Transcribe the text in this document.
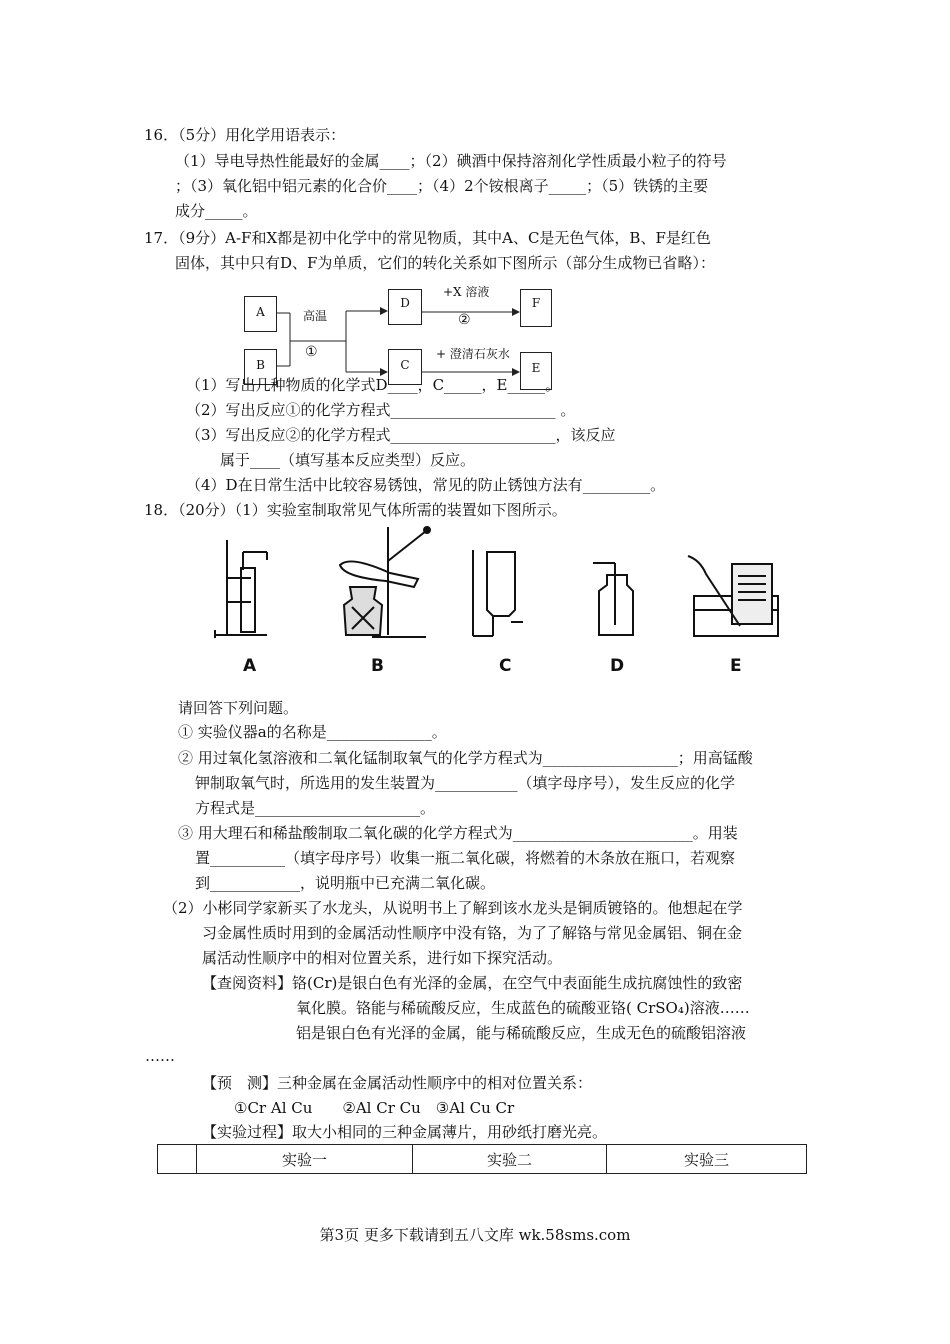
16．（5分）用化学用语表示：
（1）导电导热性能最好的金属____；（2）碘酒中保持溶剂化学性质最小粒子的符号
；（3）氧化铝中铝元素的化合价____；（4）2个铵根离子_____；（5）铁锈的主要
成分_____。
17．（9分）A-F和X都是初中化学中的常见物质，其中A、C是无色气体，B、F是红色
固体，其中只有D、F为单质，它们的转化关系如下图所示（部分生成物已省略）：
A
B
D
C
F
E
高温
①
+X 溶液
②
+ 澄清石灰水
（1）写出几种物质的化学式D____，C_____，E_____。
（2）写出反应①的化学方程式______________________ 。
（3）写出反应②的化学方程式______________________，该反应
属于____（填写基本反应类型）反应。
（4）D在日常生活中比较容易锈蚀，常见的防止锈蚀方法有_________。
18．（20分）（1）实验室制取常见气体所需的装置如下图所示。
A	B	C	D	E
请回答下列问题。
① 实验仪器a的名称是______________。
② 用过氧化氢溶液和二氧化锰制取氧气的化学方程式为__________________；用高锰酸
钾制取氧气时，所选用的发生装置为___________（填字母序号），发生反应的化学
方程式是______________________。
③ 用大理石和稀盐酸制取二氧化碳的化学方程式为________________________。用装
置__________（填字母序号）收集一瓶二氧化碳，将燃着的木条放在瓶口，若观察
到____________，说明瓶中已充满二氧化碳。
（2）小彬同学家新买了水龙头，从说明书上了解到该水龙头是铜质镀铬的。他想起在学
习金属性质时用到的金属活动性顺序中没有铬，为了了解铬与常见金属铝、铜在金
属活动性顺序中的相对位置关系，进行如下探究活动。
【查阅资料】铬(Cr)是银白色有光泽的金属，在空气中表面能生成抗腐蚀性的致密
氧化膜。铬能与稀硫酸反应，生成蓝色的硫酸亚铬( CrSO₄)溶液……
铝是银白色有光泽的金属，能与稀硫酸反应，生成无色的硫酸铝溶液
……
【预　测】三种金属在金属活动性顺序中的相对位置关系：
①Cr Al Cu　　②Al Cr Cu　③Al Cu Cr
【实验过程】取大小相同的三种金属薄片，用砂纸打磨光亮。
	实验一	实验二	实验三
第3页 更多下载请到五八文库 wk.58sms.com
